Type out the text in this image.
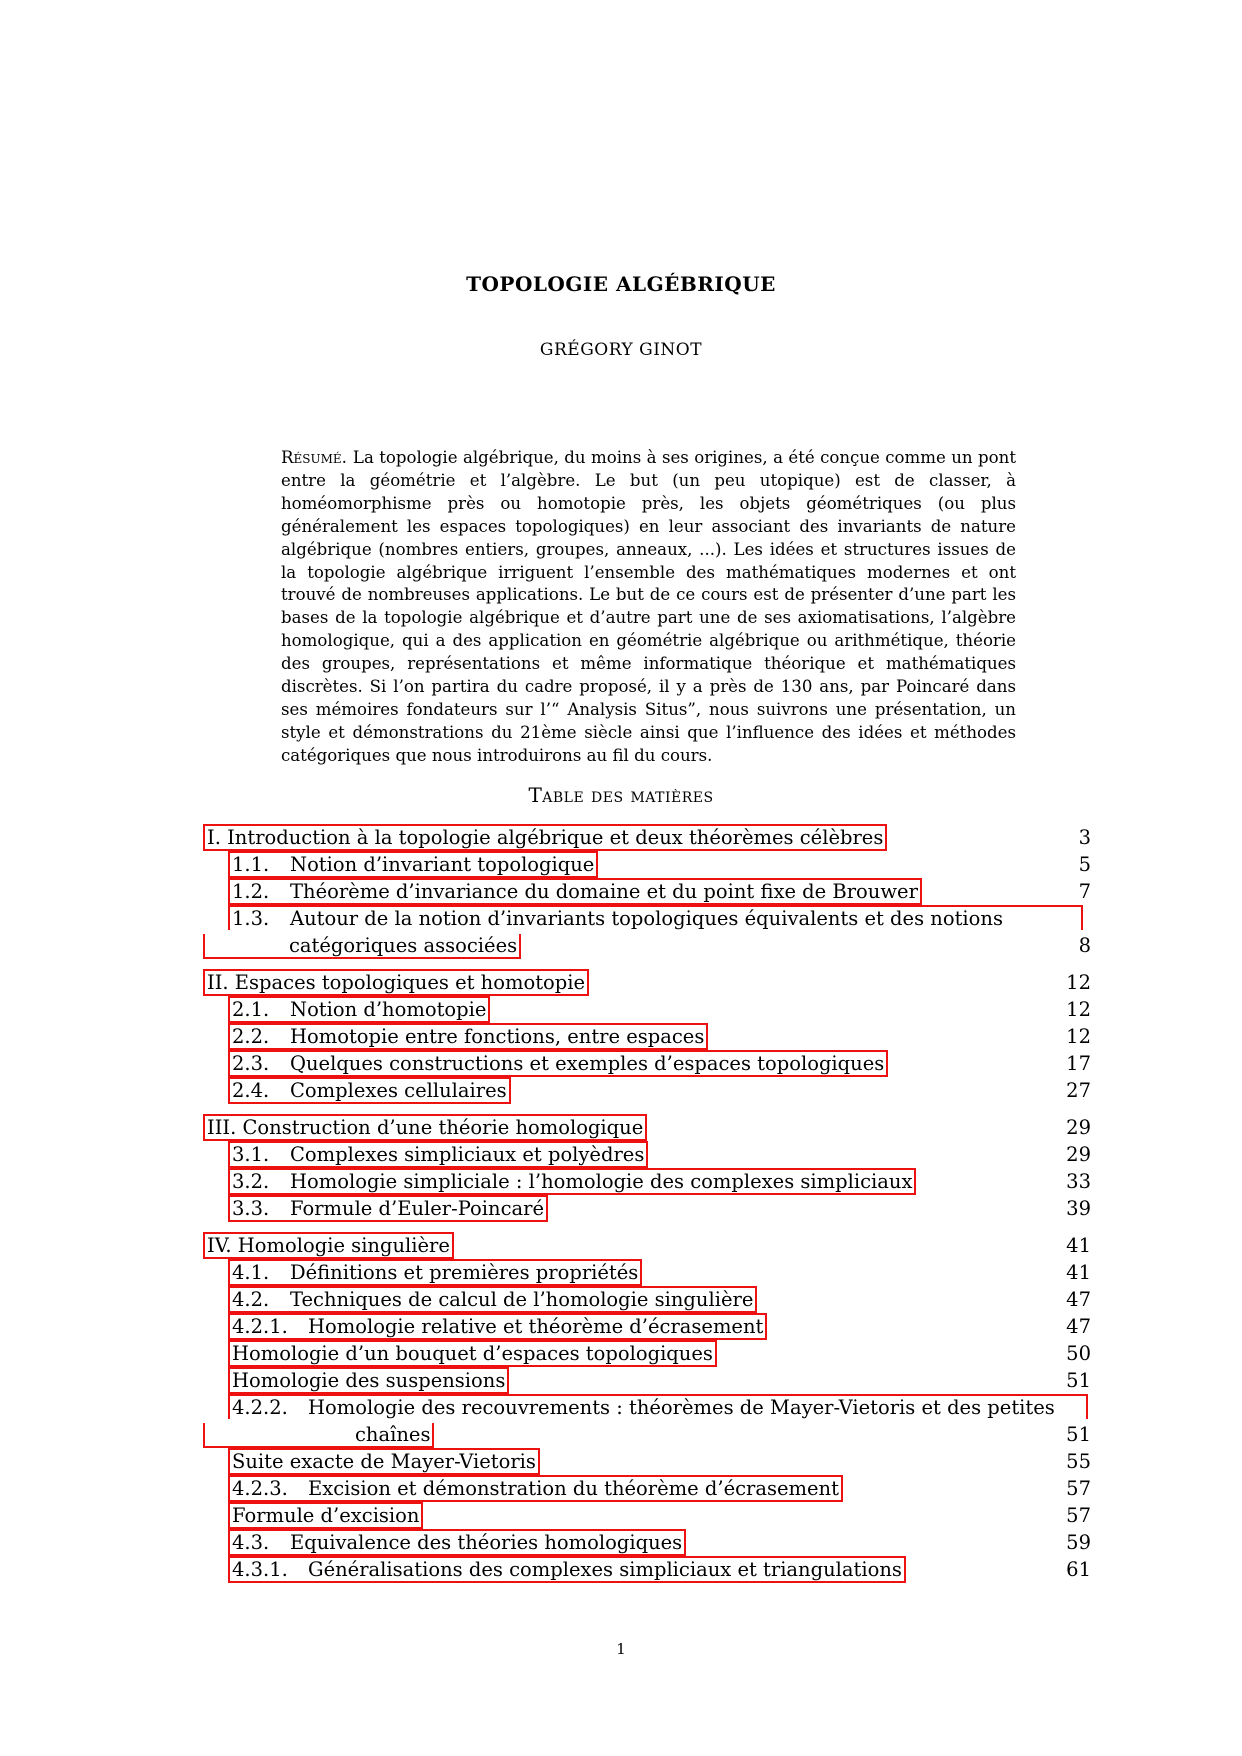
TOPOLOGIE ALGÉBRIQUE
GRÉGORY GINOT
Résumé. La topologie algébrique, du moins à ses origines, a été conçue comme un pont entre la géométrie et l’algèbre. Le but (un peu utopique) est de classer, à homéomorphisme près ou homotopie près, les objets géométriques (ou plus généralement les espaces topologiques) en leur associant des invariants de nature algébrique (nombres entiers, groupes, anneaux, ...). Les idées et structures issues de la topologie algébrique irriguent l’ensemble des mathématiques modernes et ont trouvé de nombreuses applications. Le but de ce cours est de présenter d’une part les bases de la topologie algébrique et d’autre part une de ses axiomatisations, l’algèbre homologique, qui a des application en géométrie algébrique ou arithmétique, théorie des groupes, représentations et même informatique théorique et mathématiques discrètes. Si l’on partira du cadre proposé, il y a près de 130 ans, par Poincaré dans ses mémoires fondateurs sur l’“ Analysis Situs”, nous suivrons une présentation, un style et démonstrations du 21ème siècle ainsi que l’influence des idées et méthodes catégoriques que nous introduirons au fil du cours.
Table des matières
I. Introduction à la topologie algébrique et deux théorèmes célèbres	3
1.1. Notion d’invariant topologique	5
1.2. Théorème d’invariance du domaine et du point fixe de Brouwer	7
1.3. Autour de la notion d’invariants topologiques équivalents et des notions
catégoriques associées	8
II. Espaces topologiques et homotopie	12
2.1. Notion d’homotopie	12
2.2. Homotopie entre fonctions, entre espaces	12
2.3. Quelques constructions et exemples d’espaces topologiques	17
2.4. Complexes cellulaires	27
III. Construction d’une théorie homologique	29
3.1. Complexes simpliciaux et polyèdres	29
3.2. Homologie simpliciale : l’homologie des complexes simpliciaux	33
3.3. Formule d’Euler-Poincaré	39
IV. Homologie singulière	41
4.1. Définitions et premières propriétés	41
4.2. Techniques de calcul de l’homologie singulière	47
4.2.1. Homologie relative et théorème d’écrasement	47
Homologie d’un bouquet d’espaces topologiques	50
Homologie des suspensions	51
4.2.2. Homologie des recouvrements : théorèmes de Mayer-Vietoris et des petites
chaînes	51
Suite exacte de Mayer-Vietoris	55
4.2.3. Excision et démonstration du théorème d’écrasement	57
Formule d’excision	57
4.3. Equivalence des théories homologiques	59
4.3.1. Généralisations des complexes simpliciaux et triangulations	61
1
